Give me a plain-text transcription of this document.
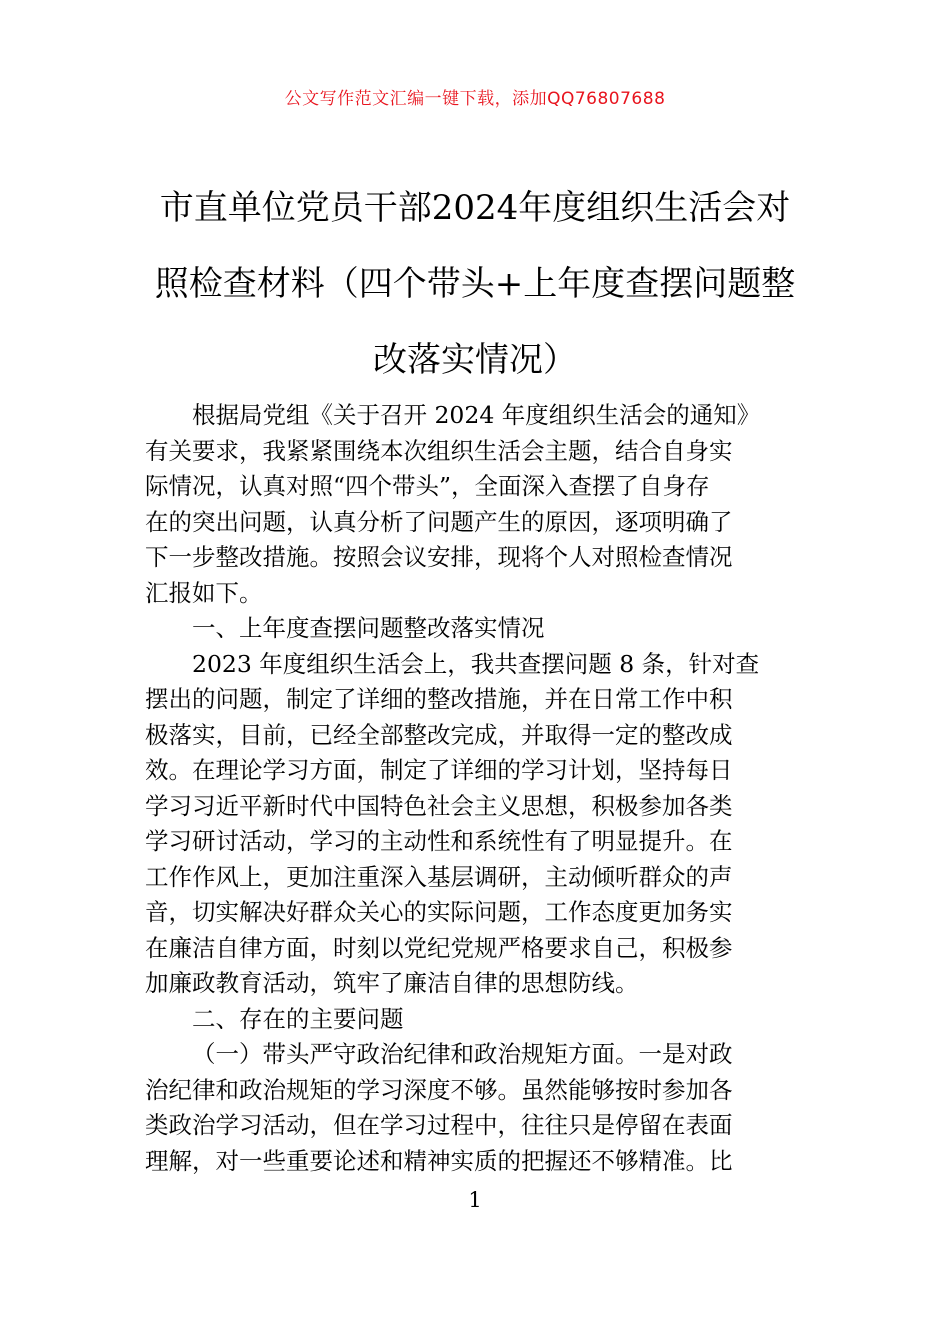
公文写作范文汇编一键下载，添加QQ76807688
市直单位党员干部2024年度组织生活会对
照检查材料（四个带头+上年度查摆问题整
改落实情况）
根据局党组《关于召开 2024 年度组织生活会的通知》
有关要求，我紧紧围绕本次组织生活会主题，结合自身实
际情况，认真对照“四个带头”，全面深入查摆了自身存
在的突出问题，认真分析了问题产生的原因，逐项明确了
下一步整改措施。按照会议安排，现将个人对照检查情况
汇报如下。
一、上年度查摆问题整改落实情况
2023 年度组织生活会上，我共查摆问题 8 条，针对查
摆出的问题，制定了详细的整改措施，并在日常工作中积
极落实，目前，已经全部整改完成，并取得一定的整改成
效。在理论学习方面，制定了详细的学习计划，坚持每日
学习习近平新时代中国特色社会主义思想，积极参加各类
学习研讨活动，学习的主动性和系统性有了明显提升。在
工作作风上，更加注重深入基层调研，主动倾听群众的声
音，切实解决好群众关心的实际问题，工作态度更加务实
在廉洁自律方面，时刻以党纪党规严格要求自己，积极参
加廉政教育活动，筑牢了廉洁自律的思想防线。
二、存在的主要问题
（一）带头严守政治纪律和政治规矩方面。一是对政
治纪律和政治规矩的学习深度不够。虽然能够按时参加各
类政治学习活动，但在学习过程中，往往只是停留在表面
理解，对一些重要论述和精神实质的把握还不够精准。比
1
